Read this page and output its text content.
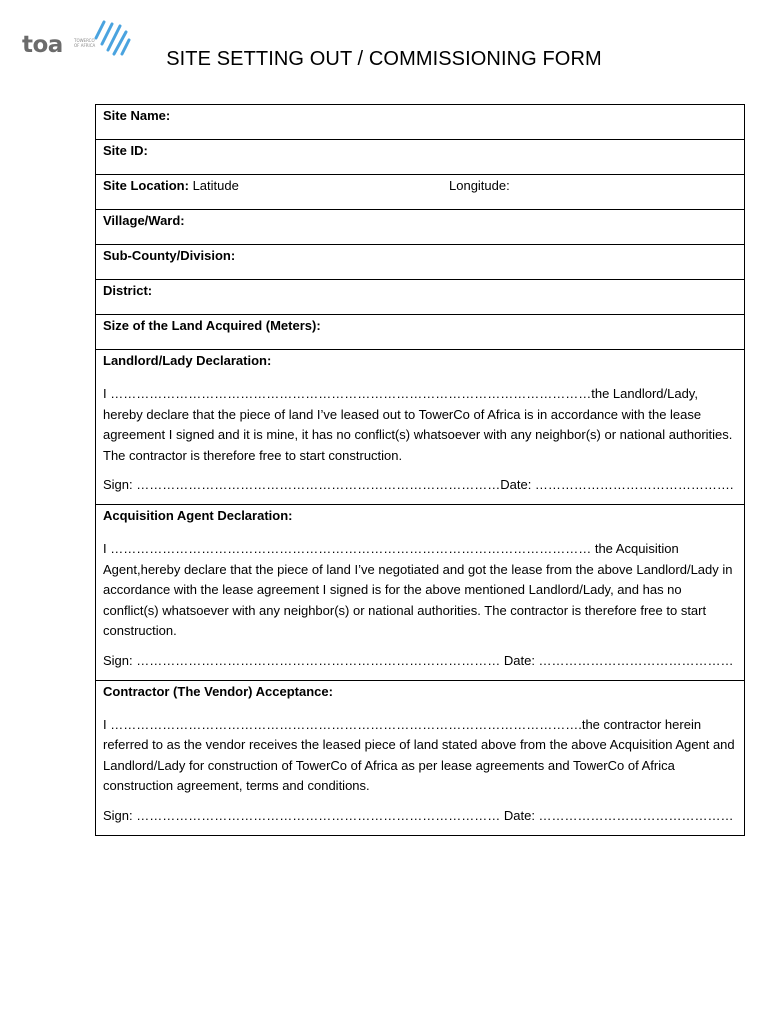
toa	TOWERCO
OF AFRICA
SITE SETTING OUT / COMMISSIONING FORM
Site Name:
Site ID:

Site Location: Latitude	Longitude:

Village/Ward:
Sub-County/Division:
District:
Size of the Land Acquired (Meters):

Landlord/Lady Declaration:
I …………………………………………………………………………………………………the Landlord/Lady, hereby declare that the piece of land I’ve leased out to TowerCo of Africa is in accordance with the lease agreement I signed and it is mine, it has no conflict(s) whatsoever with any neighbor(s) or national authorities. The contractor is therefore free to start construction.
Sign: …………………………………………………………………………Date: ……………………………………….

Acquisition Agent Declaration:
I ………………………………………………………………………………………………… the Acquisition Agent,hereby declare that the piece of land I’ve negotiated and got the lease from the above Landlord/Lady in accordance with the lease agreement I signed is for the above mentioned Landlord/Lady, and has no conflict(s) whatsoever with any neighbor(s) or national authorities. The contractor is therefore free to start construction.
Sign: ………………………………………………………………………… Date: ………………………………………

Contractor (The Vendor) Acceptance:
I ……………………………………………………………………………………………….the contractor herein referred to as the vendor receives the leased piece of land stated above from the above Acquisition Agent and Landlord/Lady for construction of TowerCo of Africa as per lease agreements and TowerCo of Africa construction agreement, terms and conditions.
Sign: ………………………………………………………………………… Date: ………………………………………
